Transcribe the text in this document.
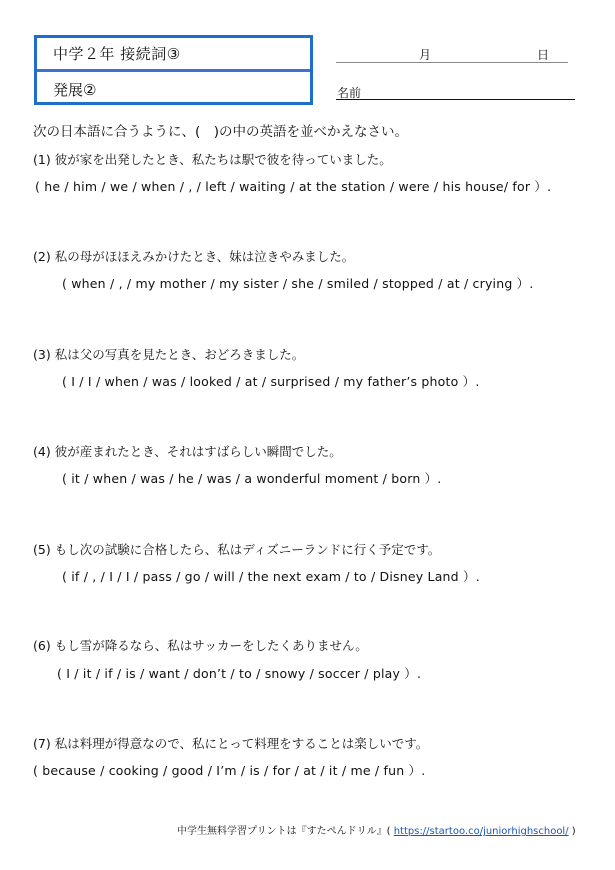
中学２年 接続詞③
発展②
月	日
名前
次の日本語に合うように、(　)の中の英語を並べかえなさい。
(1) 彼が家を出発したとき、私たちは駅で彼を待っていました。
( he / him / we / when / , / left / waiting / at the station / were / his house/ for ）.
(2) 私の母がほほえみかけたとき、妹は泣きやみました。
( when / , / my mother / my sister / she / smiled / stopped / at / crying ）.
(3) 私は父の写真を見たとき、おどろきました。
( I / I / when / was / looked / at / surprised / my father’s photo ）.
(4) 彼が産まれたとき、それはすばらしい瞬間でした。
( it / when / was / he / was / a wonderful moment / born ）.
(5) もし次の試験に合格したら、私はディズニーランドに行く予定です。
( if / , / I / I / pass / go / will / the next exam / to / Disney Land ）.
(6) もし雪が降るなら、私はサッカーをしたくありません。
( I / it / if / is / want / don’t / to / snowy / soccer / play ）.
(7) 私は料理が得意なので、私にとって料理をすることは楽しいです。
( because / cooking / good / I’m / is / for / at / it / me / fun ）.
中学生無料学習プリントは『すたぺんドリル』( https://startoo.co/juniorhighschool/ )
